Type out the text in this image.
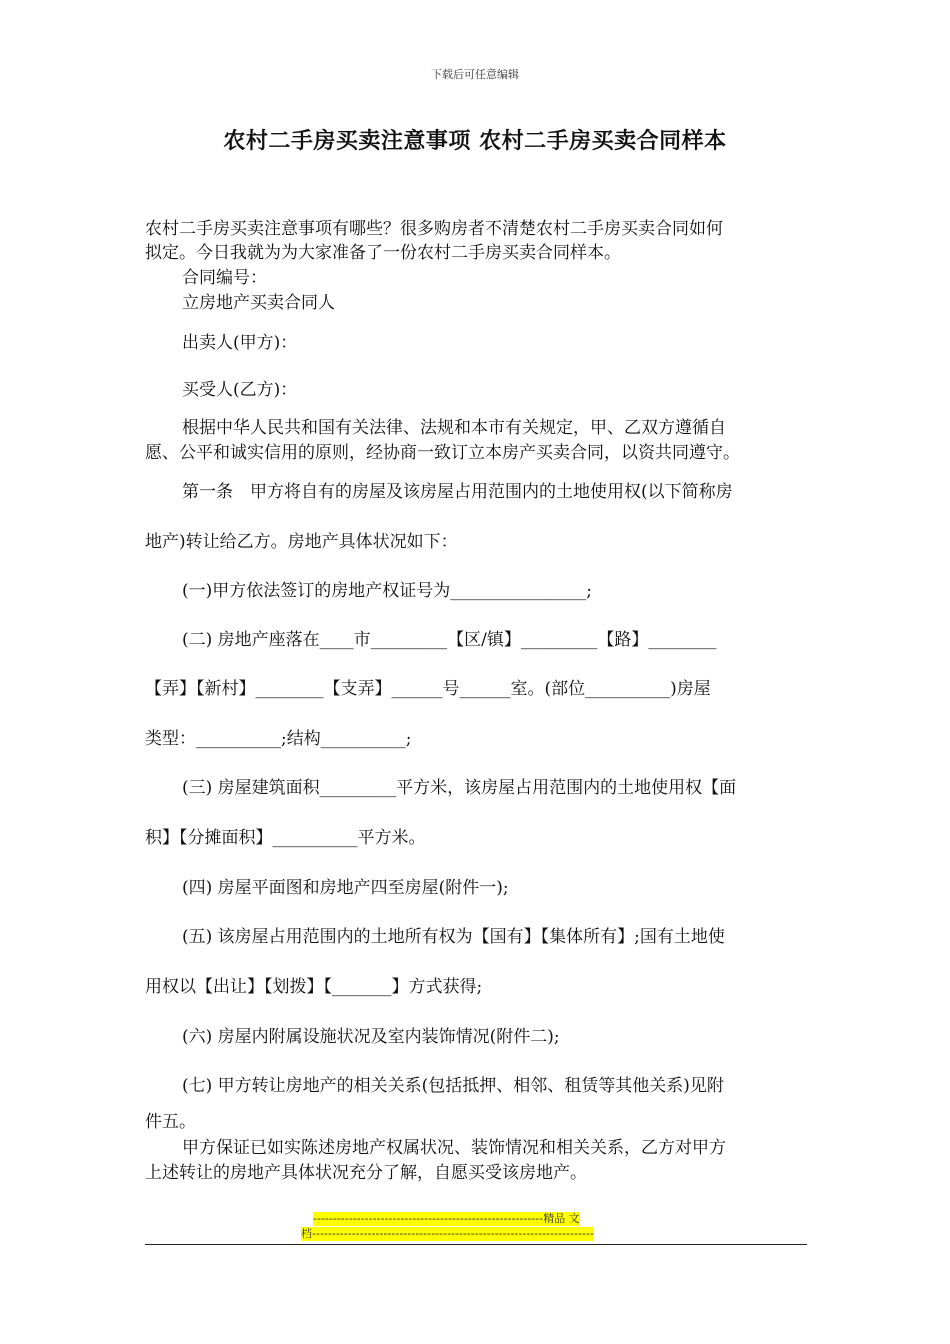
下载后可任意编辑
农村二手房买卖注意事项 农村二手房买卖合同样本
农村二手房买卖注意事项有哪些？很多购房者不清楚农村二手房买卖合同如何
拟定。今日我就为为大家准备了一份农村二手房买卖合同样本。
合同编号：
立房地产买卖合同人
出卖人(甲方)：
买受人(乙方)：
根据中华人民共和国有关法律、法规和本市有关规定，甲、乙双方遵循自
愿、公平和诚实信用的原则，经协商一致订立本房产买卖合同，以资共同遵守。
第一条　甲方将自有的房屋及该房屋占用范围内的土地使用权(以下简称房
地产)转让给乙方。房地产具体状况如下：
(一)甲方依法签订的房地产权证号为________________;
(二) 房地产座落在____市_________【区/镇】_________【路】________
【弄】【新村】________【支弄】______号______室。(部位__________)房屋
类型：__________;结构__________;
(三) 房屋建筑面积_________平方米，该房屋占用范围内的土地使用权【面
积】【分摊面积】__________平方米。
(四) 房屋平面图和房地产四至房屋(附件一);
(五) 该房屋占用范围内的土地所有权为【国有】【集体所有】;国有土地使
用权以【出让】【划拨】【_______】方式获得;
(六) 房屋内附属设施状况及室内装饰情况(附件二);
(七) 甲方转让房地产的相关关系(包括抵押、相邻、租赁等其他关系)见附
件五。
甲方保证已如实陈述房地产权属状况、装饰情况和相关关系，乙方对甲方
上述转让的房地产具体状况充分了解，自愿买受该房地产。
----------------------------------------------------------精品 文
档-----------------------------------------------------------------------
